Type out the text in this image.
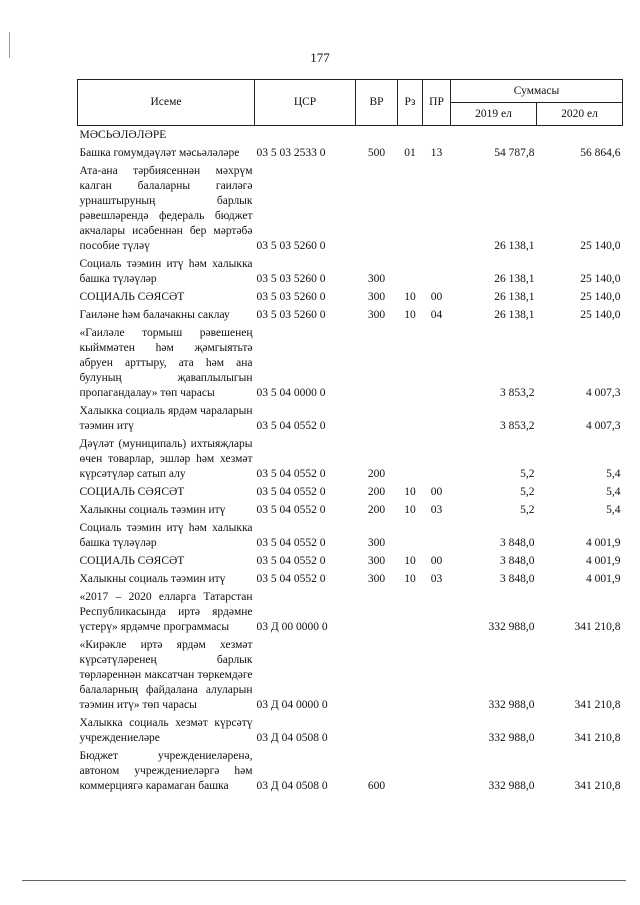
177
Исеме	ЦСР	ВР	Рз	ПР	Суммасы	
					2019 ел	2020 ел
МӘСЬӘЛӘЛӘРЕ						
Башка гомумдәүләт мәсьәләләре	03 5 03 2533 0	500	01	13	54 787,8	56 864,6
Ата-ана тәрбиясеннән мәхрүм калган балаларны гаиләгә урнаштыруның барлык рәвешләрендә федераль бюджет акчалары исәбеннән бер мәртәбә пособие түләү	03 5 03 5260 0				26 138,1	25 140,0
Социаль тәэмин итү һәм халыкка башка түләүләр	03 5 03 5260 0	300			26 138,1	25 140,0
СОЦИАЛЬ СӘЯСӘТ	03 5 03 5260 0	300	10	00	26 138,1	25 140,0
Гаиләне һәм балачакны саклау	03 5 03 5260 0	300	10	04	26 138,1	25 140,0
«Гаиләле тормыш рәвешенең кыйммәтен һәм җәмгыятьтә абруен арттыру, ата һәм ана булуның җаваплылыгын пропагандалау» төп чарасы	03 5 04 0000 0				3 853,2	4 007,3
Халыкка социаль ярдәм чараларын тәэмин итү	03 5 04 0552 0				3 853,2	4 007,3
Дәүләт (муниципаль) ихтыяҗлары өчен товарлар, эшләр һәм хезмәт күрсәтүләр сатып алу	03 5 04 0552 0	200			5,2	5,4
СОЦИАЛЬ СӘЯСӘТ	03 5 04 0552 0	200	10	00	5,2	5,4
Халыкны социаль тәэмин итү	03 5 04 0552 0	200	10	03	5,2	5,4
Социаль тәэмин итү һәм халыкка башка түләүләр	03 5 04 0552 0	300			3 848,0	4 001,9
СОЦИАЛЬ СӘЯСӘТ	03 5 04 0552 0	300	10	00	3 848,0	4 001,9
Халыкны социаль тәэмин итү	03 5 04 0552 0	300	10	03	3 848,0	4 001,9
«2017 – 2020 елларга Татарстан Республикасында иртә ярдәмне үстерү» ярдәмче программасы	03 Д 00 0000 0				332 988,0	341 210,8
«Кирәкле иртә ярдәм хезмәт күрсәтүләренең барлык төрләреннән максатчан төркемдәге балаларның файдалана алуларын тәэмин итү» төп чарасы	03 Д 04 0000 0				332 988,0	341 210,8
Халыкка социаль хезмәт күрсәтү учреждениеләре	03 Д 04 0508 0				332 988,0	341 210,8
Бюджет учреждениеләренә, автоном учреждениеләргә һәм коммерциягә карамаган башка	03 Д 04 0508 0	600			332 988,0	341 210,8
